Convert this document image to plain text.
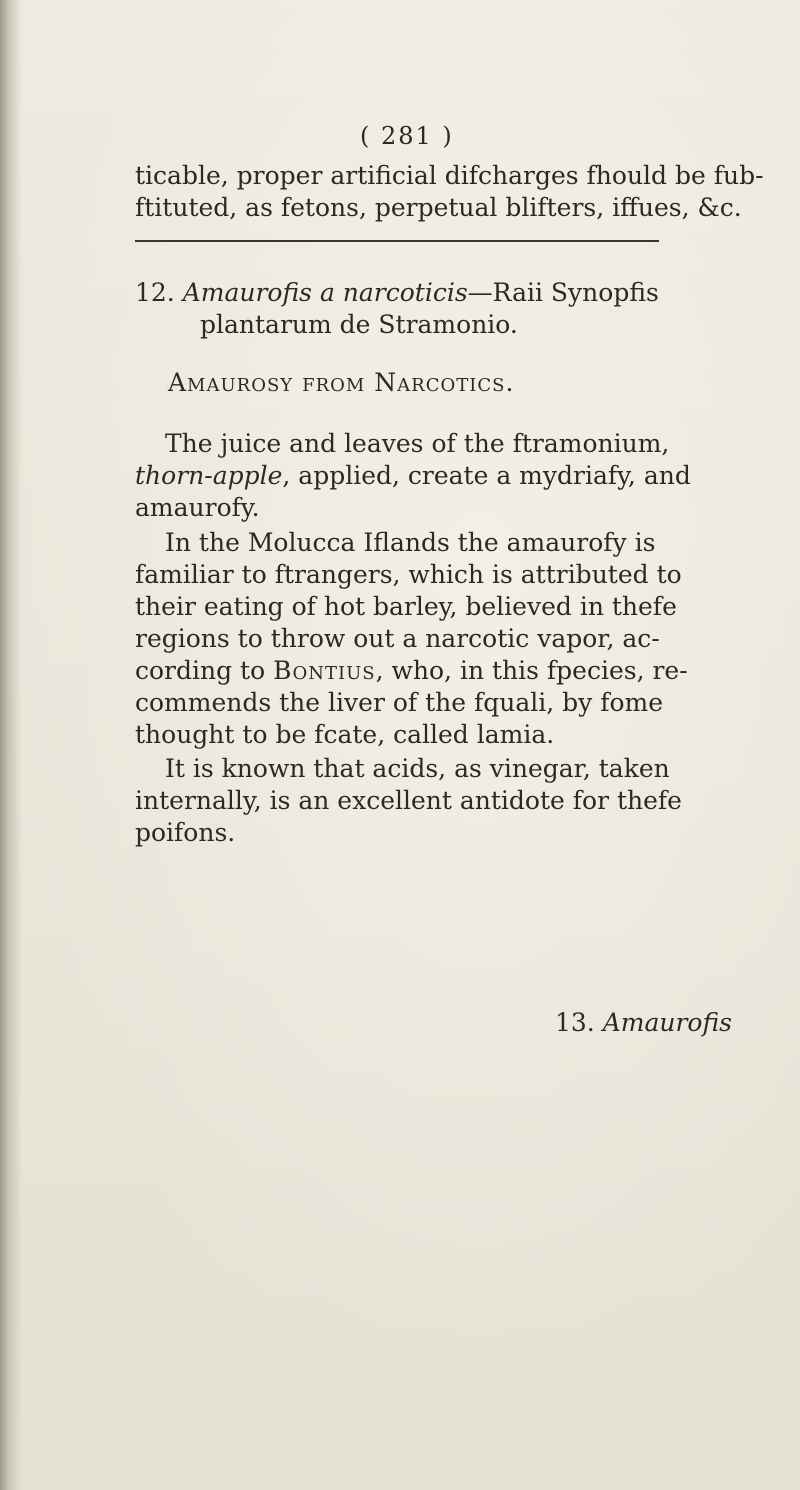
( 281 )
ticable, proper artificial difcharges fhould be fub-
ftituted, as fetons, perpetual blifters, iffues, &c.
12. Amaurofis a narcoticis—Raii Synopfis
plantarum de Stramonio.
Amaurosy from Narcotics.
The juice and leaves of the ftramonium,
thorn-apple, applied, create a mydriafy, and
amaurofy.
In the Molucca Iflands the amaurofy is
familiar to ftrangers, which is attributed to
their eating of hot barley, believed in thefe
regions to throw out a narcotic vapor, ac-
cording to Bontius, who, in this fpecies, re-
commends the liver of the fquali, by fome
thought to be fcate, called lamia.
It is known that acids, as vinegar, taken
internally, is an excellent antidote for thefe
poifons.
13. Amaurofis
